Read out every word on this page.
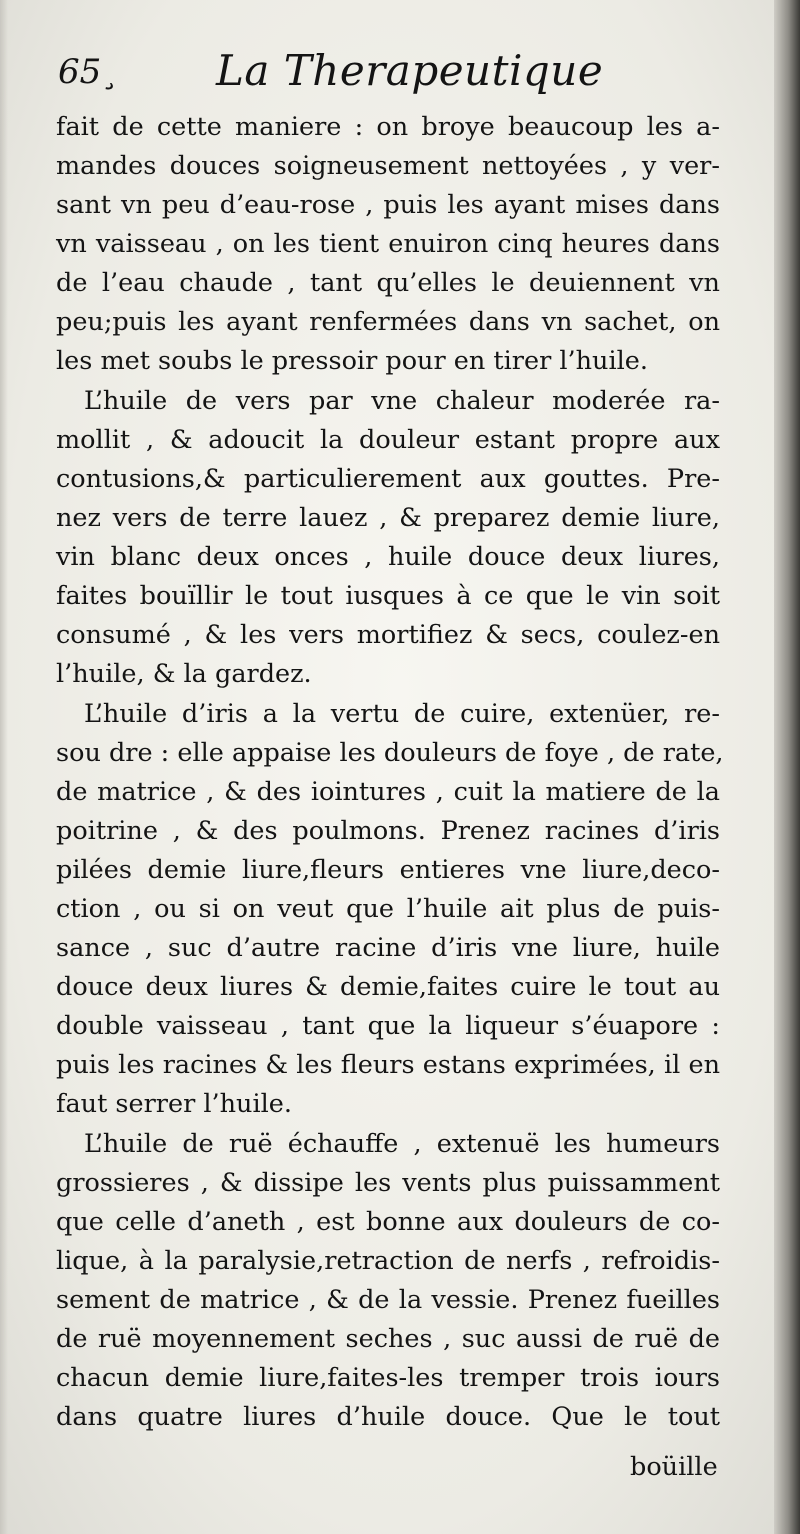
65¸ La Therapeutique
fait de cette maniere : on broye beaucoup les a-
mandes douces soigneusement nettoyées , y ver-
sant vn peu d’eau-rose , puis les ayant mises dans
vn vaisseau , on les tient enuiron cinq heures dans
de l’eau chaude , tant qu’elles le deuiennent vn
peu;puis les ayant renfermées dans vn sachet, on
les met soubs le pressoir pour en tirer l’huile.
L’huile de vers par vne chaleur moderée ra-
mollit , & adoucit la douleur estant propre aux
contusions,& particulierement aux gouttes. Pre-
nez vers de terre lauez , & preparez demie liure,
vin blanc deux onces , huile douce deux liures,
faites bouïllir le tout iusques à ce que le vin soit
consumé , & les vers mortifiez & secs, coulez-en
l’huile, & la gardez.
L’huile d’iris a la vertu de cuire, extenüer, re-
sou dre : elle appaise les douleurs de foye , de rate,
de matrice , & des iointures , cuit la matiere de la
poitrine , & des poulmons. Prenez racines d’iris
pilées demie liure,fleurs entieres vne liure,deco-
ction , ou si on veut que l’huile ait plus de puis-
sance , suc d’autre racine d’iris vne liure, huile
douce deux liures & demie,faites cuire le tout au
double vaisseau , tant que la liqueur s’éuapore :
puis les racines & les fleurs estans exprimées, il en
faut serrer l’huile.
L’huile de ruë échauffe , extenuë les humeurs
grossieres , & dissipe les vents plus puissamment
que celle d’aneth , est bonne aux douleurs de co-
lique, à la paralysie,retraction de nerfs , refroidis-
sement de matrice , & de la vessie. Prenez fueilles
de ruë moyennement seches , suc aussi de ruë de
chacun demie liure,faites-les tremper trois iours
dans quatre liures d’huile douce. Que le tout
boüille
